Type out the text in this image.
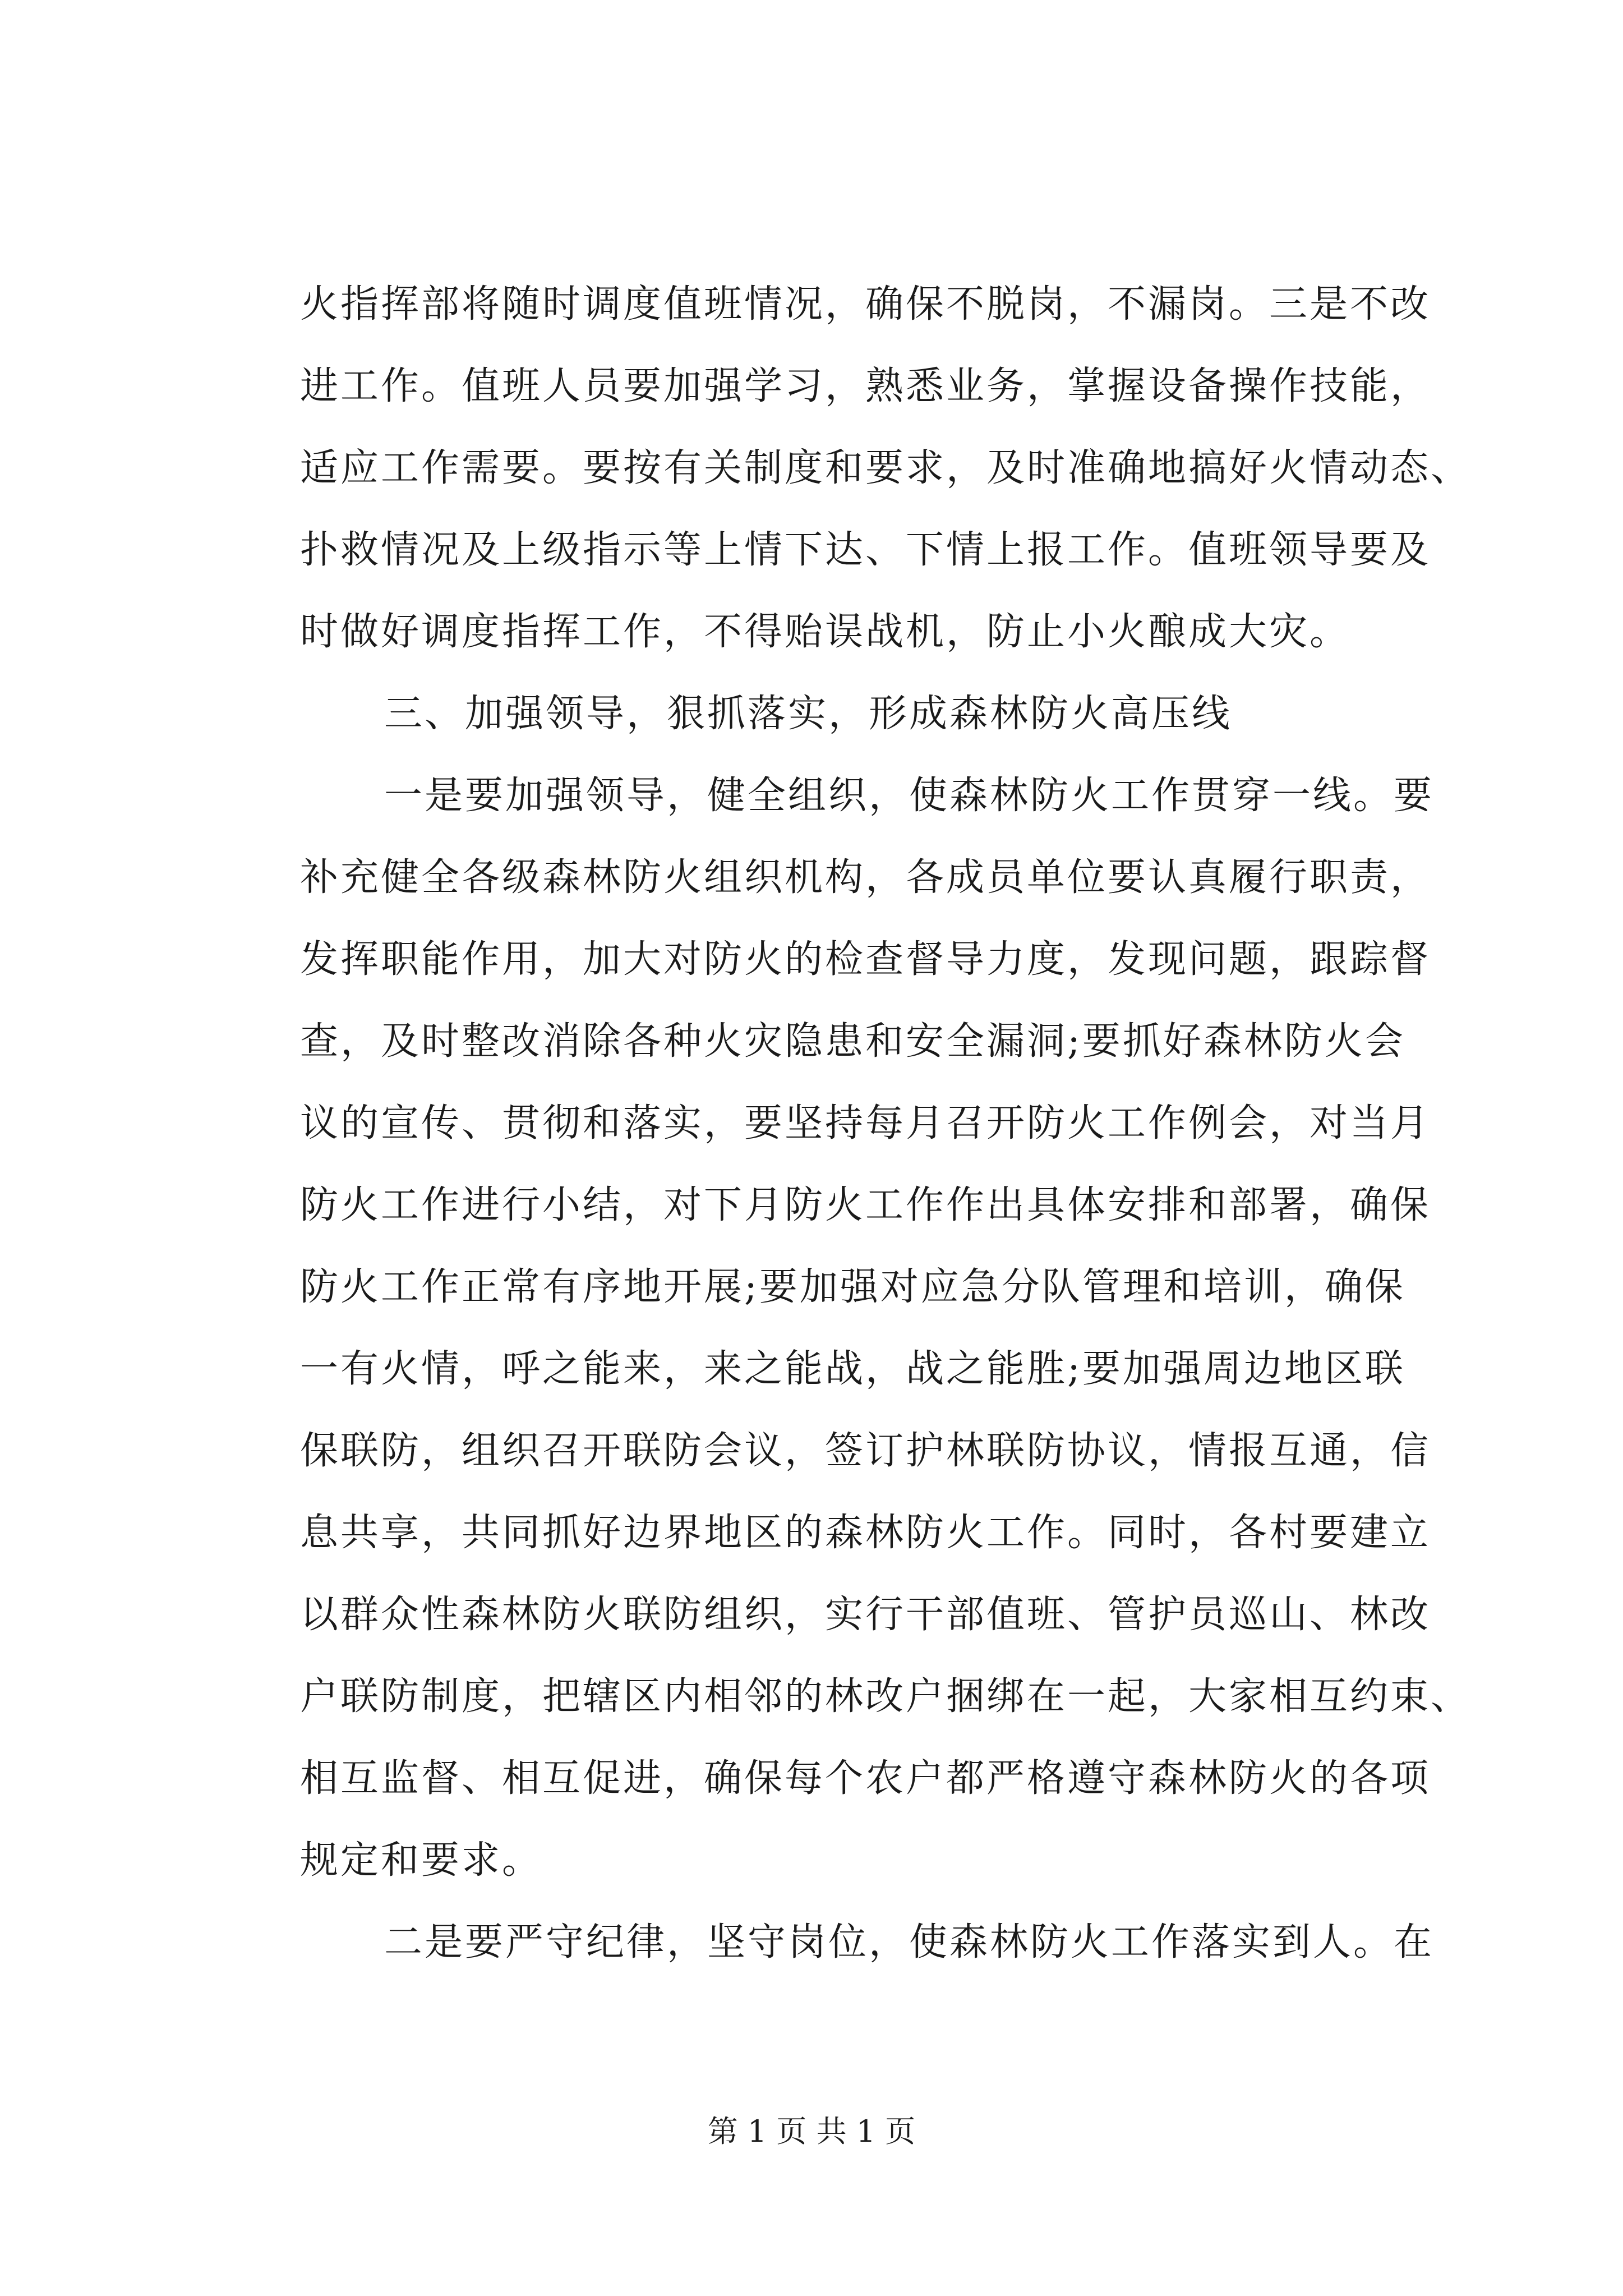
火指挥部将随时调度值班情况，确保不脱岗，不漏岗。三是不改
进工作。值班人员要加强学习，熟悉业务，掌握设备操作技能，
适应工作需要。要按有关制度和要求，及时准确地搞好火情动态、
扑救情况及上级指示等上情下达、下情上报工作。值班领导要及
时做好调度指挥工作，不得贻误战机，防止小火酿成大灾。
三、加强领导，狠抓落实，形成森林防火高压线
一是要加强领导，健全组织，使森林防火工作贯穿一线。要
补充健全各级森林防火组织机构，各成员单位要认真履行职责，
发挥职能作用，加大对防火的检查督导力度，发现问题，跟踪督
查，及时整改消除各种火灾隐患和安全漏洞;要抓好森林防火会
议的宣传、贯彻和落实，要坚持每月召开防火工作例会，对当月
防火工作进行小结，对下月防火工作作出具体安排和部署，确保
防火工作正常有序地开展;要加强对应急分队管理和培训，确保
一有火情，呼之能来，来之能战，战之能胜;要加强周边地区联
保联防，组织召开联防会议，签订护林联防协议，情报互通，信
息共享，共同抓好边界地区的森林防火工作。同时，各村要建立
以群众性森林防火联防组织，实行干部值班、管护员巡山、林改
户联防制度，把辖区内相邻的林改户捆绑在一起，大家相互约束、
相互监督、相互促进，确保每个农户都严格遵守森林防火的各项
规定和要求。
二是要严守纪律，坚守岗位，使森林防火工作落实到人。在
第 1 页 共 1 页
